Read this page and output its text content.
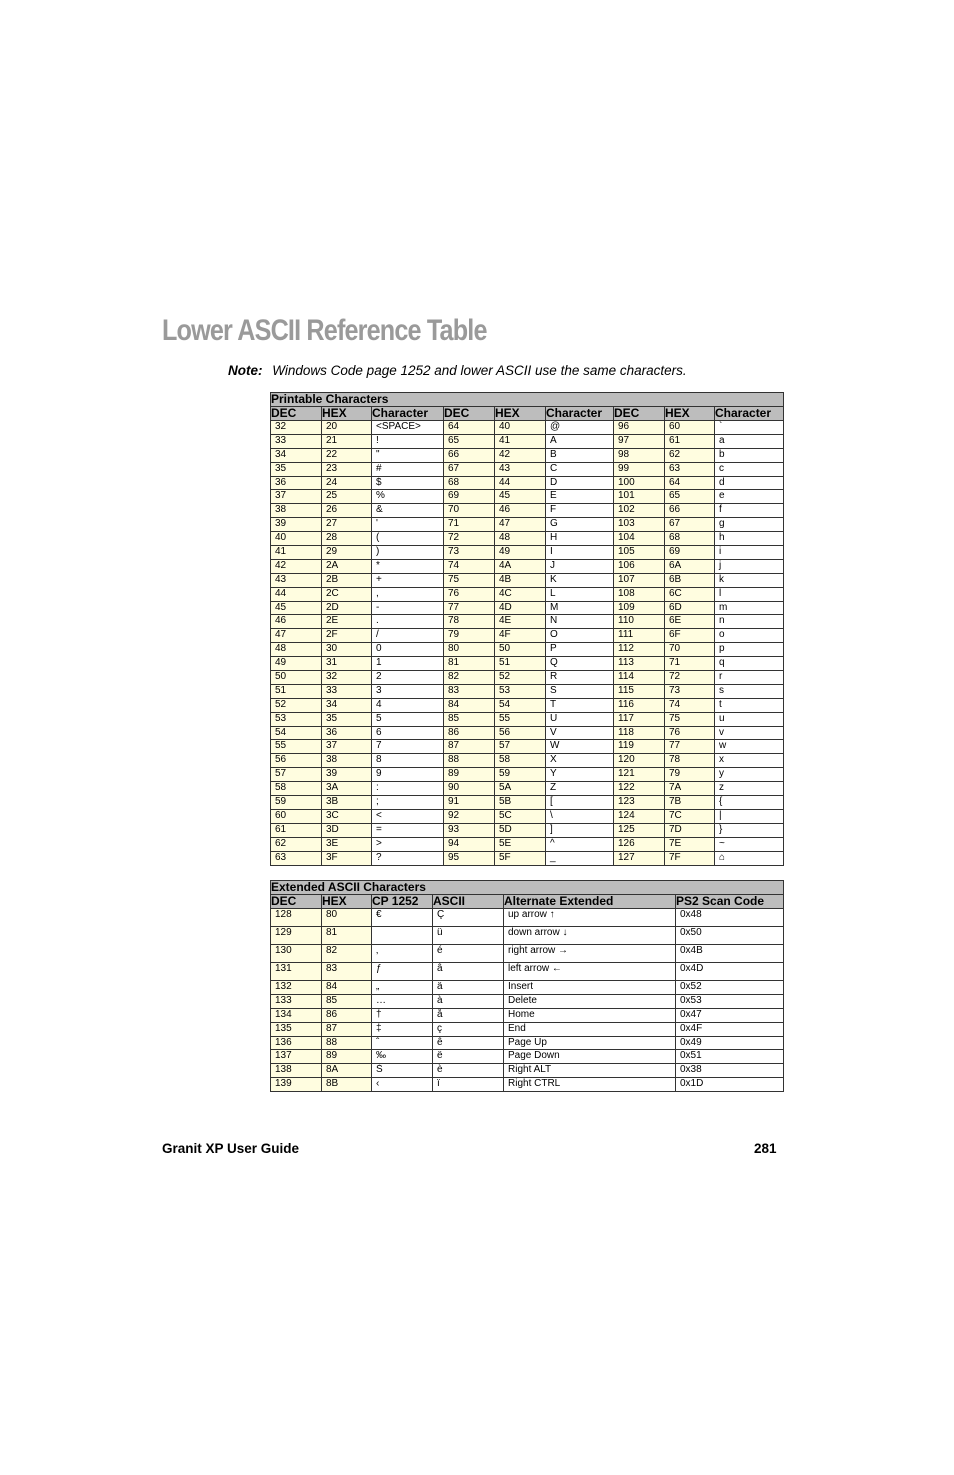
Lower ASCII Reference Table
Note: Windows Code page 1252 and lower ASCII use the same characters.
Printable Characters								
DEC	HEX	Character	DEC	HEX	Character	DEC	HEX	Character
32	20	<SPACE>	64	40	@	96	60	`
33	21	!	65	41	A	97	61	a
34	22	"	66	42	B	98	62	b
35	23	#	67	43	C	99	63	c
36	24	$	68	44	D	100	64	d
37	25	%	69	45	E	101	65	e
38	26	&	70	46	F	102	66	f
39	27	'	71	47	G	103	67	g
40	28	(	72	48	H	104	68	h
41	29	)	73	49	I	105	69	i
42	2A	*	74	4A	J	106	6A	j
43	2B	+	75	4B	K	107	6B	k
44	2C	,	76	4C	L	108	6C	l
45	2D	-	77	4D	M	109	6D	m
46	2E	.	78	4E	N	110	6E	n
47	2F	/	79	4F	O	111	6F	o
48	30	0	80	50	P	112	70	p
49	31	1	81	51	Q	113	71	q
50	32	2	82	52	R	114	72	r
51	33	3	83	53	S	115	73	s
52	34	4	84	54	T	116	74	t
53	35	5	85	55	U	117	75	u
54	36	6	86	56	V	118	76	v
55	37	7	87	57	W	119	77	w
56	38	8	88	58	X	120	78	x
57	39	9	89	59	Y	121	79	y
58	3A	:	90	5A	Z	122	7A	z
59	3B	;	91	5B	[	123	7B	{
60	3C	<	92	5C	\	124	7C	|
61	3D	=	93	5D	]	125	7D	}
62	3E	>	94	5E	^	126	7E	~
63	3F	?	95	5F	_	127	7F	⌂
Extended ASCII Characters					
DEC	HEX	CP 1252	ASCII	Alternate Extended	PS2 Scan Code
128	80	€	Ç	up arrow ↑	0x48
129	81		ü	down arrow ↓	0x50
130	82	‚	é	right arrow →	0x4B
131	83	ƒ	â	left arrow ←	0x4D
132	84	„	ä	Insert	0x52
133	85	…	à	Delete	0x53
134	86	†	å	Home	0x47
135	87	‡	ç	End	0x4F
136	88	ˆ	ê	Page Up	0x49
137	89	‰	ë	Page Down	0x51
138	8A	Š	è	Right ALT	0x38
139	8B	‹	ï	Right CTRL	0x1D
Granit XP User Guide	281
